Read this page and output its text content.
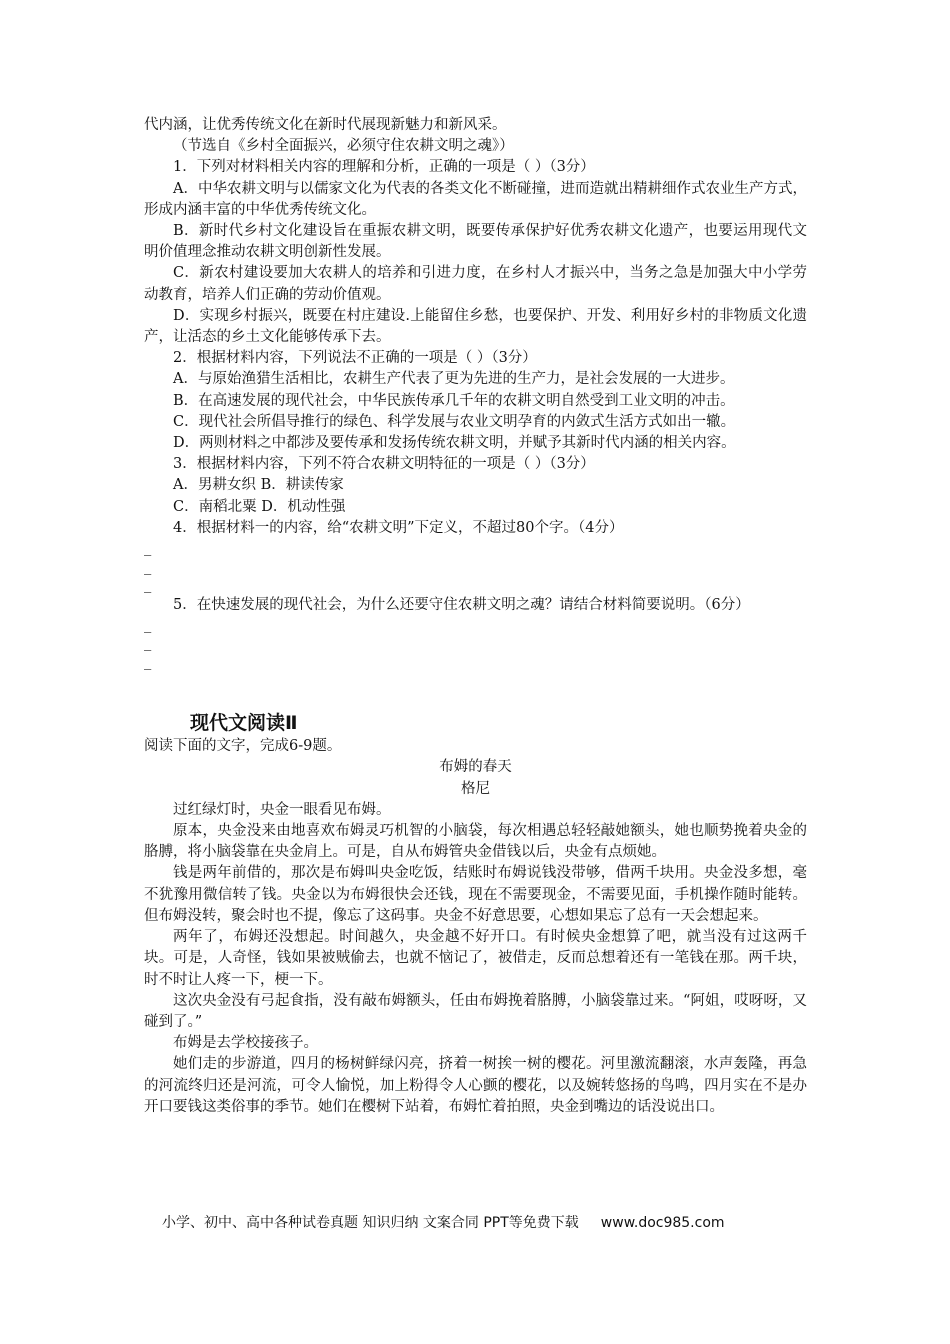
代内涵，让优秀传统文化在新时代展现新魅力和新风采。

（节选自《乡村全面振兴，必须守住农耕文明之魂》）

1．下列对材料相关内容的理解和分析，正确的一项是（ ）（3分）

A．中华农耕文明与以儒家文化为代表的各类文化不断碰撞，进而造就出精耕细作式农业生产方式，形成内涵丰富的中华优秀传统文化。

B．新时代乡村文化建设旨在重振农耕文明，既要传承保护好优秀农耕文化遗产，也要运用现代文明价值理念推动农耕文明创新性发展。

C．新农村建设要加大农耕人的培养和引进力度，在乡村人才振兴中，当务之急是加强大中小学劳动教育，培养人们正确的劳动价值观。

D．实现乡村振兴，既要在村庄建设.上能留住乡愁，也要保护、开发、利用好乡村的非物质文化遗产，让活态的乡土文化能够传承下去。

2．根据材料内容，下列说法不正确的一项是（ ）（3分）

A．与原始渔猎生活相比，农耕生产代表了更为先进的生产力，是社会发展的一大进步。

B．在高速发展的现代社会，中华民族传承几千年的农耕文明自然受到工业文明的冲击。

C．现代社会所倡导推行的绿色、科学发展与农业文明孕育的内敛式生活方式如出一辙。

D．两则材料之中都涉及要传承和发扬传统农耕文明，并赋予其新时代内涵的相关内容。

3．根据材料内容，下列不符合农耕文明特征的一项是（ ）（3分）

A．男耕女织 B．耕读传家

C．南稻北粟 D．机动性强

4．根据材料一的内容，给“农耕文明”下定义，不超过80个字。（4分）

_

_

_

5．在快速发展的现代社会，为什么还要守住农耕文明之魂？请结合材料简要说明。（6分）

_

_

_

现代文阅读Ⅱ

阅读下面的文字，完成6-9题。

布姆的春天

格尼

过红绿灯时，央金一眼看见布姆。

原本，央金没来由地喜欢布姆灵巧机智的小脑袋，每次相遇总轻轻敲她额头，她也顺势挽着央金的胳膊，将小脑袋靠在央金肩上。可是，自从布姆管央金借钱以后，央金有点烦她。

钱是两年前借的，那次是布姆叫央金吃饭，结账时布姆说钱没带够，借两千块用。央金没多想，毫不犹豫用微信转了钱。央金以为布姆很快会还钱，现在不需要现金，不需要见面，手机操作随时能转。但布姆没转，聚会时也不提，像忘了这码事。央金不好意思要，心想如果忘了总有一天会想起来。

两年了，布姆还没想起。时间越久，央金越不好开口。有时候央金想算了吧，就当没有过这两千块。可是，人奇怪，钱如果被贼偷去，也就不恼记了，被借走，反而总想着还有一笔钱在那。两千块，时不时让人疼一下，梗一下。

这次央金没有弓起食指，没有敲布姆额头，任由布姆挽着胳膊，小脑袋靠过来。“阿姐，哎呀呀，又碰到了。”

布姆是去学校接孩子。

她们走的步游道，四月的杨树鲜绿闪亮，挤着一树挨一树的樱花。河里激流翻滚，水声轰隆，再急的河流终归还是河流，可令人愉悦，加上粉得令人心颤的樱花，以及婉转悠扬的鸟鸣，四月实在不是办开口要钱这类俗事的季节。她们在樱树下站着，布姆忙着拍照，央金到嘴边的话没说出口。

小学、初中、高中各种试卷真题 知识归纳 文案合同 PPT等免费下载 www.doc985.com
